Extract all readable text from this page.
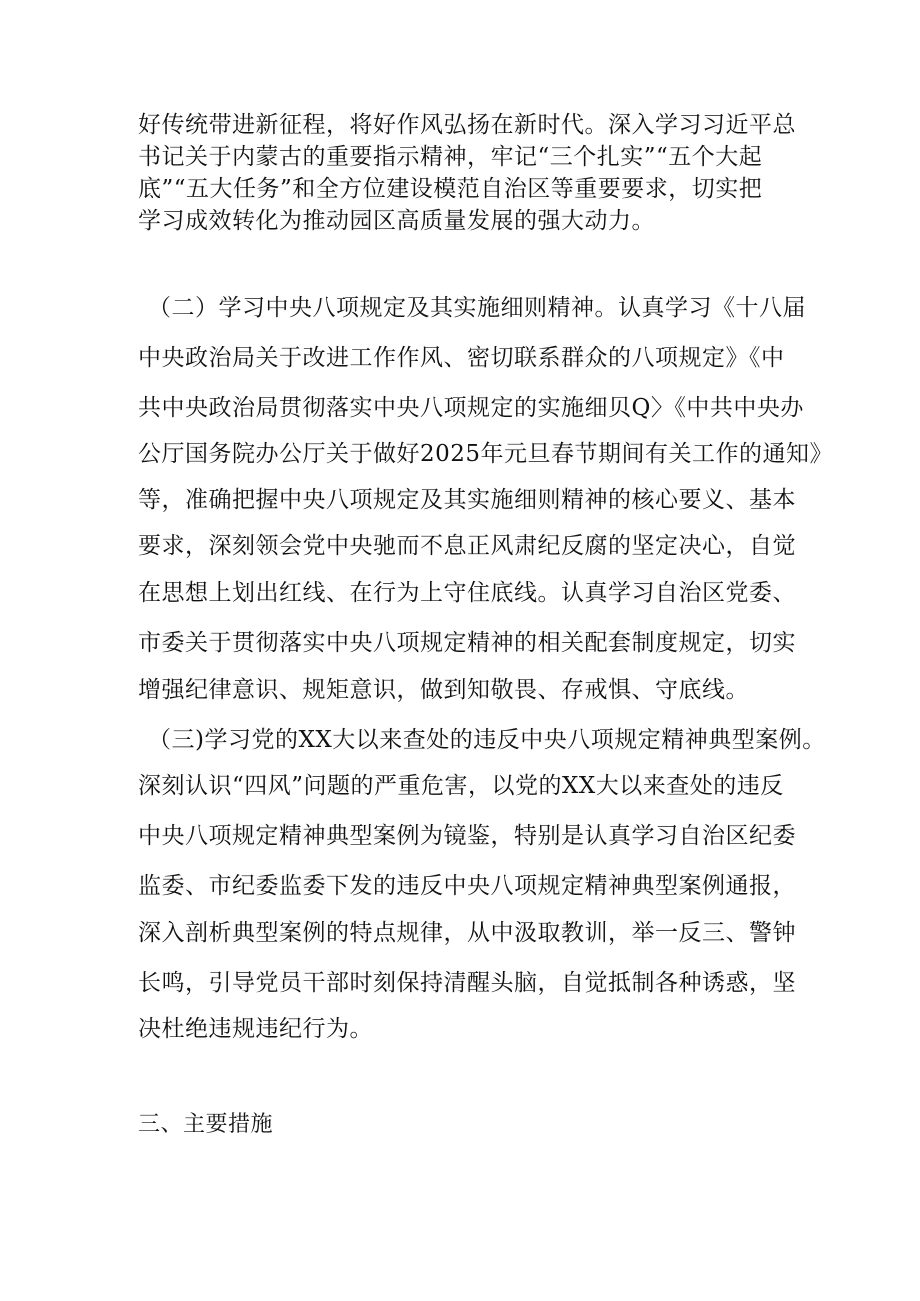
好传统带进新征程，将好作风弘扬在新时代。深入学习习近平总
书记关于内蒙古的重要指示精神，牢记“三个扎实”“五个大起
底”“五大任务”和全方位建设模范自治区等重要要求，切实把
学习成效转化为推动园区高质量发展的强大动力。
（二）学习中央八项规定及其实施细则精神。认真学习《十八届
中央政治局关于改进工作作风、密切联系群众的八项规定》《中
共中央政治局贯彻落实中央八项规定的实施细贝Q〉《中共中央办
公厅国务院办公厅关于做好2025年元旦春节期间有关工作的通知》
等，准确把握中央八项规定及其实施细则精神的核心要义、基本
要求，深刻领会党中央驰而不息正风肃纪反腐的坚定决心，自觉
在思想上划出红线、在行为上守住底线。认真学习自治区党委、
市委关于贯彻落实中央八项规定精神的相关配套制度规定，切实
增强纪律意识、规矩意识，做到知敬畏、存戒惧、守底线。
（三)学习党的XX大以来查处的违反中央八项规定精神典型案例。
深刻认识“四风”问题的严重危害，以党的XX大以来查处的违反
中央八项规定精神典型案例为镜鉴，特别是认真学习自治区纪委
监委、市纪委监委下发的违反中央八项规定精神典型案例通报，
深入剖析典型案例的特点规律，从中汲取教训，举一反三、警钟
长鸣，引导党员干部时刻保持清醒头脑，自觉抵制各种诱惑，坚
决杜绝违规违纪行为。
三、主要措施
